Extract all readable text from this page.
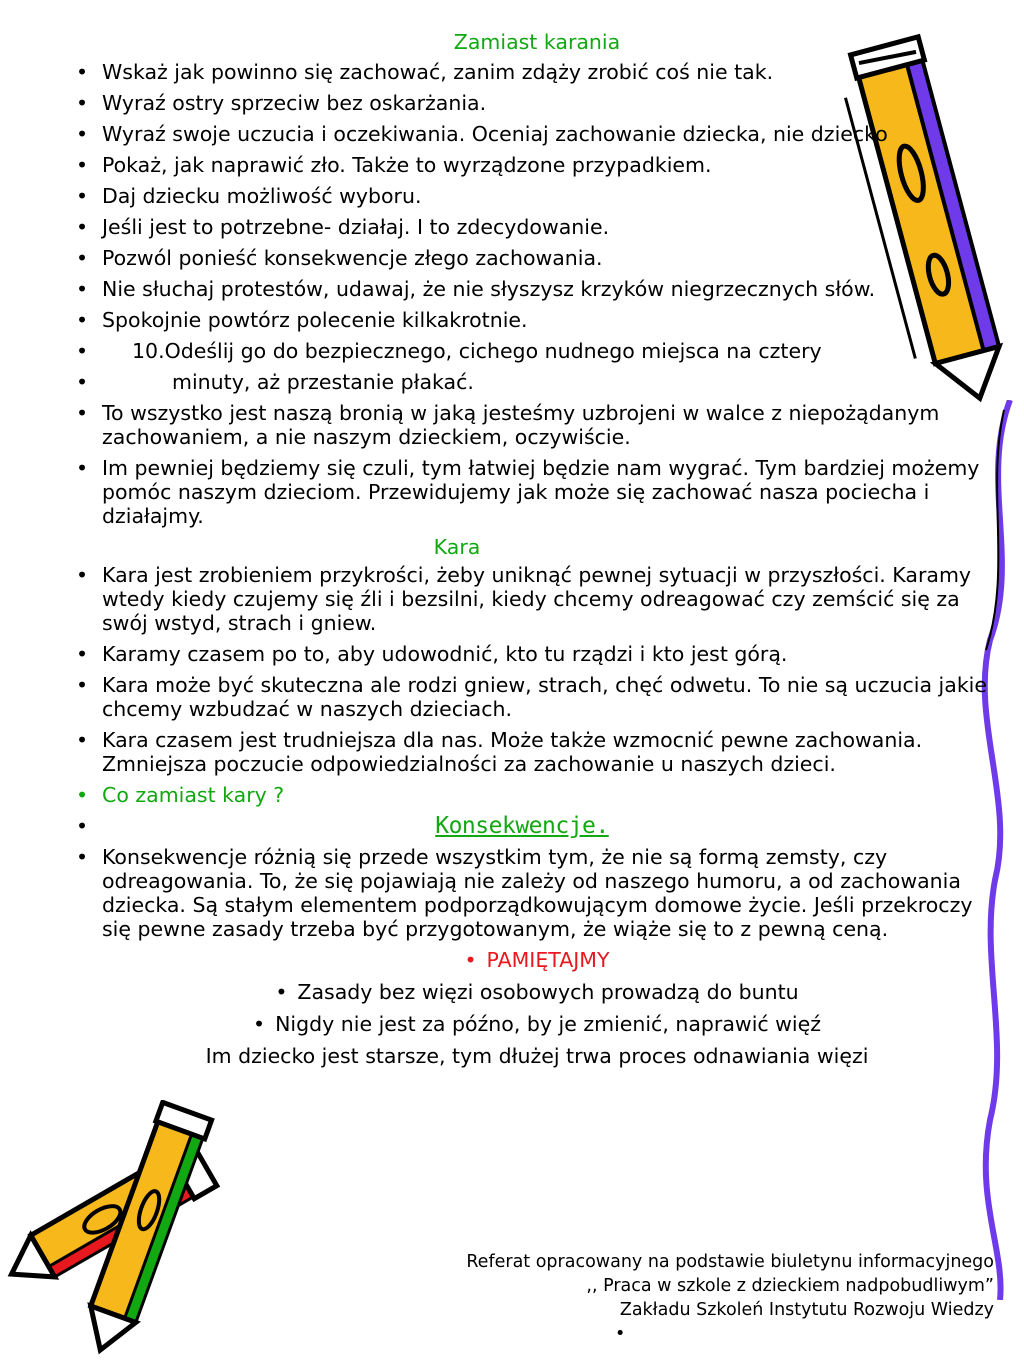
Zamiast karania
• Wskaż jak powinno się zachować, zanim zdąży zrobić coś nie tak.
• Wyraź ostry sprzeciw bez oskarżania.
• Wyraź swoje uczucia i oczekiwania. Oceniaj zachowanie dziecka, nie dziecko
• Pokaż, jak naprawić zło. Także to wyrządzone przypadkiem.
• Daj dziecku możliwość wyboru.
• Jeśli jest to potrzebne- działaj. I to zdecydowanie.
• Pozwól ponieść konsekwencje złego zachowania.
• Nie słuchaj protestów, udawaj, że nie słyszysz krzyków niegrzecznych słów.
• Spokojnie powtórz polecenie kilkakrotnie.
• 10.Odeślij go do bezpiecznego, cichego nudnego miejsca na cztery
• minuty, aż przestanie płakać.
• To wszystko jest naszą bronią w jaką jesteśmy uzbrojeni w walce z niepożądanym zachowaniem, a nie naszym dzieckiem, oczywiście.
• Im pewniej będziemy się czuli, tym łatwiej będzie nam wygrać. Tym bardziej możemy pomóc naszym dzieciom. Przewidujemy jak może się zachować nasza pociecha i działajmy.
Kara
• Kara jest zrobieniem przykrości, żeby uniknąć pewnej sytuacji w przyszłości. Karamy wtedy kiedy czujemy się źli i bezsilni, kiedy chcemy odreagować czy zemścić się za swój wstyd, strach i gniew.
• Karamy czasem po to, aby udowodnić, kto tu rządzi i kto jest górą.
• Kara może być skuteczna ale rodzi gniew, strach, chęć odwetu. To nie są uczucia jakie chcemy wzbudzać w naszych dzieciach.
• Kara czasem jest trudniejsza dla nas. Może także wzmocnić pewne zachowania. Zmniejsza poczucie odpowiedzialności za zachowanie u naszych dzieci.
• Co zamiast kary ?
• Konsekwencje.
• Konsekwencje różnią się przede wszystkim tym, że nie są formą zemsty, czy odreagowania. To, że się pojawiają nie zależy od naszego humoru, a od zachowania dziecka. Są stałym elementem podporządkowującym domowe życie. Jeśli przekroczy się pewne zasady trzeba być przygotowanym, że wiąże się to z pewną ceną.
• PAMIĘTAJMY
• Zasady bez więzi osobowych prowadzą do buntu
• Nigdy nie jest za późno, by je zmienić, naprawić więź
Im dziecko jest starsze, tym dłużej trwa proces odnawiania więzi
Referat opracowany na podstawie biuletynu informacyjnego
,, Praca w szkole z dzieckiem nadpobudliwym”
Zakładu Szkoleń Instytutu Rozwoju Wiedzy
•
